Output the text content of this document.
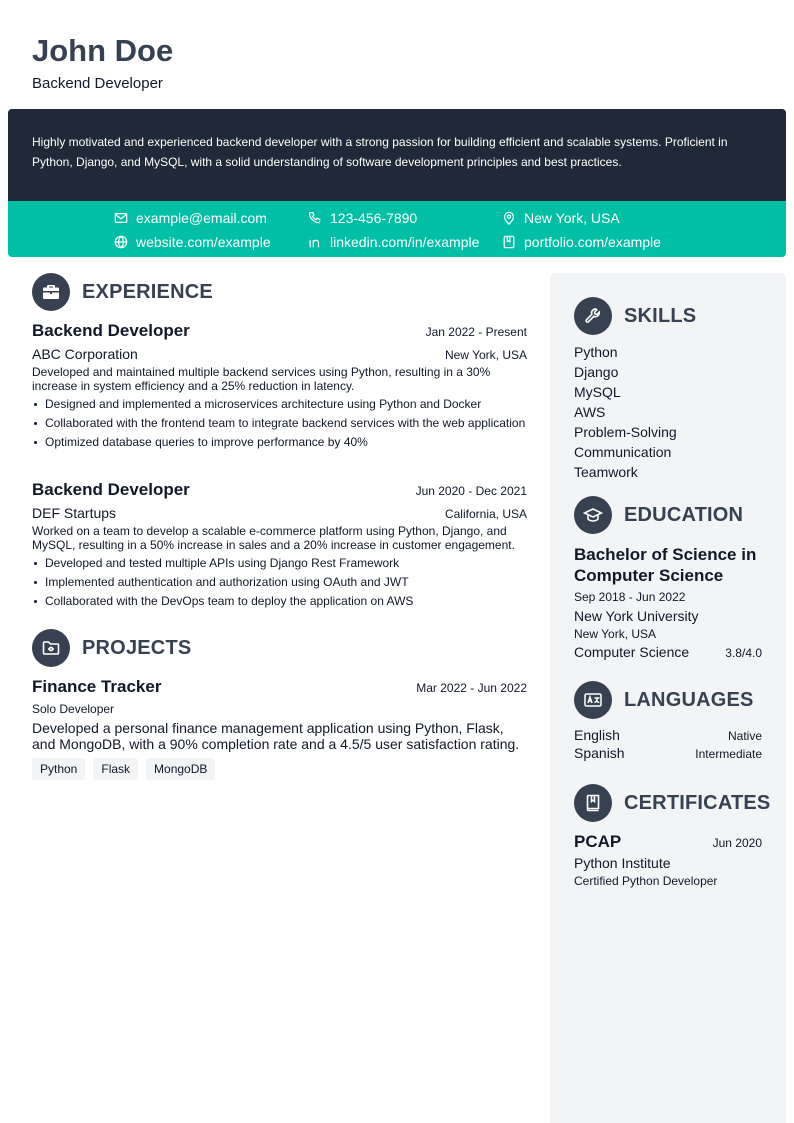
John Doe
Backend Developer

Highly motivated and experienced backend developer with a strong passion for building efficient and scalable systems. Proficient in Python, Django, and MySQL, with a solid understanding of software development principles and best practices.

example@email.com	123-456-7890	New York, USA
website.com/example	linkedin.com/in/example	portfolio.com/example
EXPERIENCE
Backend Developer	Jan 2022 - Present
ABC Corporation	New York, USA

Developed and maintained multiple backend services using Python, resulting in a 30% increase in system efficiency and a 25% reduction in latency.

Designed and implemented a microservices architecture using Python and Docker
Collaborated with the frontend team to integrate backend services with the web application
Optimized database queries to improve performance by 40%
Backend Developer	Jun 2020 - Dec 2021
DEF Startups	California, USA

Worked on a team to develop a scalable e-commerce platform using Python, Django, and MySQL, resulting in a 50% increase in sales and a 20% increase in customer engagement.

Developed and tested multiple APIs using Django Rest Framework
Implemented authentication and authorization using OAuth and JWT
Collaborated with the DevOps team to deploy the application on AWS
PROJECTS
Finance Tracker	Mar 2022 - Jun 2022
Solo Developer

Developed a personal finance management application using Python, Flask, and MongoDB, with a 90% completion rate and a 4.5/5 user satisfaction rating.

Python	Flask	MongoDB
SKILLS
Python
Django
MySQL
AWS
Problem-Solving
Communication
Teamwork
EDUCATION
Bachelor of Science in Computer Science
Sep 2018 - Jun 2022
New York University
New York, USA
Computer Science	3.8/4.0
LANGUAGES
English	Native
Spanish	Intermediate
CERTIFICATES
PCAP	Jun 2020
Python Institute
Certified Python Developer
